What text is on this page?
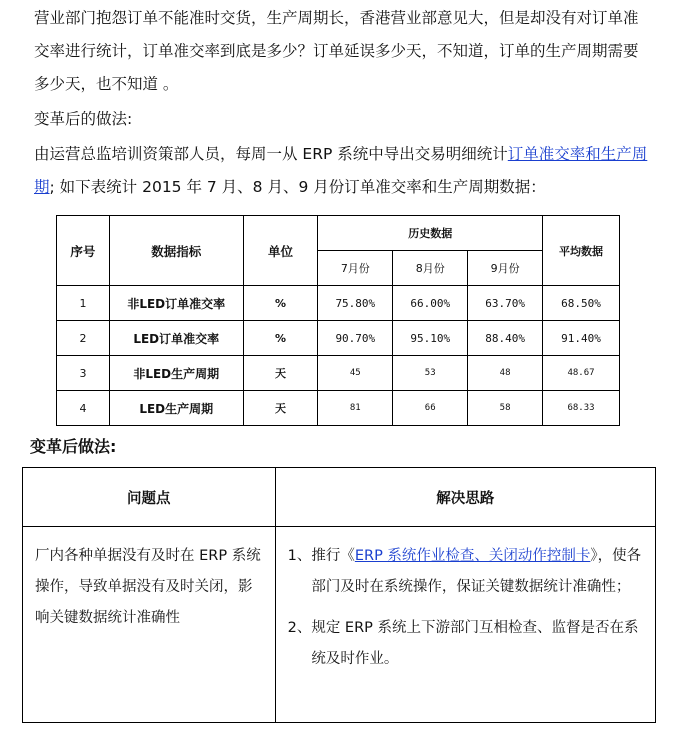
营业部门抱怨订单不能准时交货，生产周期长，香港营业部意见大，但是却没有对订单准交率进行统计，订单准交率到底是多少？订单延误多少天，不知道，订单的生产周期需要多少天，也不知道 。
变革后的做法:
由运营总监培训资策部人员，每周一从 ERP 系统中导出交易明细统计订单准交率和生产周期; 如下表统计 2015 年 7 月、8 月、9 月份订单准交率和生产周期数据：
序号	数据指标	单位	历史数据			平均数据
			7月份	8月份	9月份	
1	非LED订单准交率	%	75.80%	66.00%	63.70%	68.50%
2	LED订单准交率	%	90.70%	95.10%	88.40%	91.40%
3	非LED生产周期	天	45	53	48	48.67
4	LED生产周期	天	81	66	58	68.33
变革后做法:
问题点	解决思路
厂内各种单据没有及时在 ERP 系统操作，导致单据没有及时关闭，影响关键数据统计准确性	1、 推行《ERP 系统作业检查、关闭动作控制卡》，使各部门及时在系统操作，保证关键数据统计准确性；
2、 规定 ERP 系统上下游部门互相检查、监督是否在系统及时作业。
